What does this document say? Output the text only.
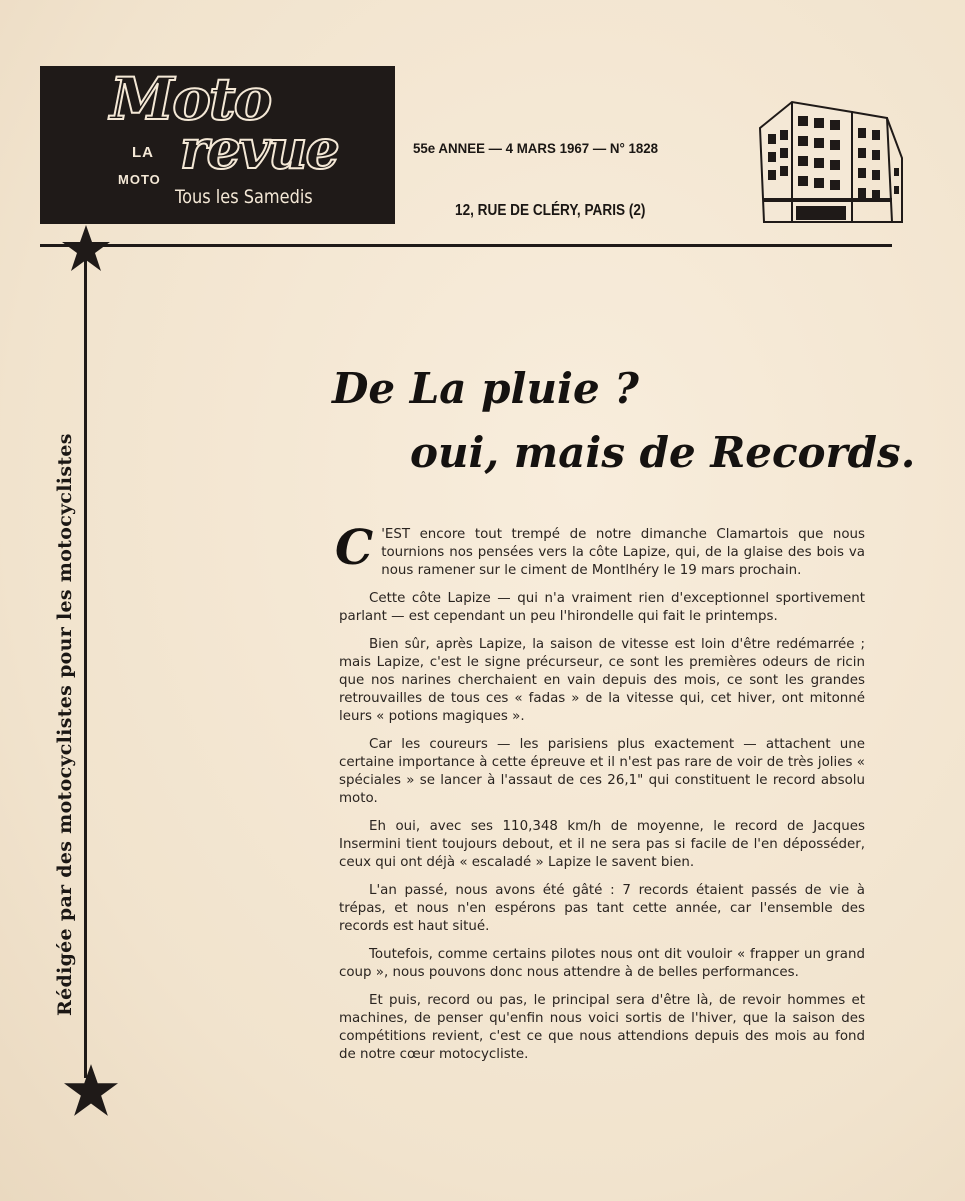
Moto
LA
MOTO revue
Tous les Samedis
55e ANNEE — 4 MARS 1967 — N° 1828
12, RUE DE CLÉRY, PARIS (2)
Rédigée par des motocyclistes pour les motocyclistes
De La pluie ?
oui, mais de Records.

C 'EST encore tout trempé de notre dimanche Clamartois que nous tournions nos pensées vers la côte Lapize, qui, de la glaise des bois va nous ramener sur le ciment de Montlhéry le 19 mars prochain.

Cette côte Lapize — qui n'a vraiment rien d'exceptionnel sportivement parlant — est cependant un peu l'hirondelle qui fait le printemps.

Bien sûr, après Lapize, la saison de vitesse est loin d'être redémarrée ; mais Lapize, c'est le signe précurseur, ce sont les premières odeurs de ricin que nos narines cherchaient en vain depuis des mois, ce sont les grandes retrouvailles de tous ces « fadas » de la vitesse qui, cet hiver, ont mitonné leurs « potions magiques ».

Car les coureurs — les parisiens plus exactement — attachent une certaine importance à cette épreuve et il n'est pas rare de voir de très jolies « spéciales » se lancer à l'assaut de ces 26,1" qui constituent le record absolu moto.

Eh oui, avec ses 110,348 km/h de moyenne, le record de Jacques Insermini tient toujours debout, et il ne sera pas si facile de l'en déposséder, ceux qui ont déjà « escaladé » Lapize le savent bien.

L'an passé, nous avons été gâté : 7 records étaient passés de vie à trépas, et nous n'en espérons pas tant cette année, car l'ensemble des records est haut situé.

Toutefois, comme certains pilotes nous ont dit vouloir « frapper un grand coup », nous pouvons donc nous attendre à de belles performances.

Et puis, record ou pas, le principal sera d'être là, de revoir hommes et machines, de penser qu'enfin nous voici sortis de l'hiver, que la saison des compétitions revient, c'est ce que nous attendions depuis des mois au fond de notre cœur motocycliste.
